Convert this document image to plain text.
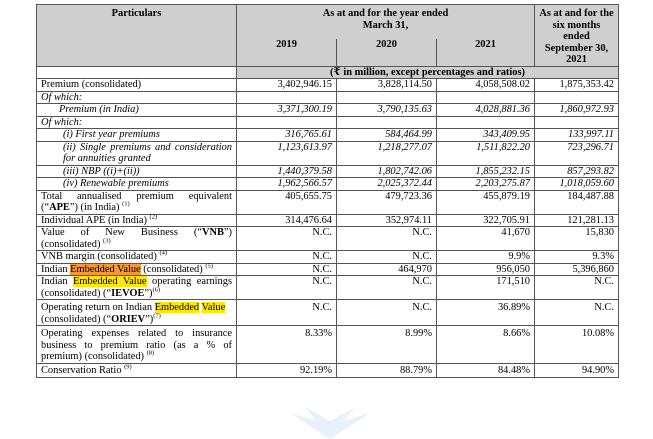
Particulars	As at and for the year ended March 31,			As at and for the six months ended September 30, 2021
	2019	2020	2021	
	(₹ in million, except percentages and ratios)			
Premium (consolidated)	3,402,946.15	3,828,114.50	4,058,508.02	1,875,353.42
Of which:				
Premium (in India)	3,371,300.19	3,790,135.63	4,028,881.36	1,860,972.93
Of which:				
(i) First year premiums	316,765.61	584,464.99	343,409.95	133,997.11
(ii) Single premiums and consideration for annuities granted	1,123,613.97	1,218,277.07	1,511,822.20	723,296.71
(iii) NBP ((i)+(ii))	1,440,379.58	1,802,742.06	1,855,232.15	857,293.82
(iv) Renewable premiums	1,962,566.57	2,025,372.44	2,203,275.87	1,018,059.60
Total annualised premium equivalent (“APE”) (in India) $^{(1)}$	405,655.75	479,723.36	455,879.19	184,487.88
Individual APE (in India) $^{(2)}$	314,476.64	352,974.11	322,705.91	121,281.13
Value of New Business (“VNB”) (consolidated) $^{(3)}$	N.C.	N.C.	41,670	15,830
VNB margin (consolidated) $^{(4)}$	N.C.	N.C.	9.9%	9.3%
Indian Embedded Value (consolidated) $^{(5)}$	N.C.	464,970	956,050	5,396,860
Indian Embedded Value operating earnings (consolidated) (“IEVOE”)$^{(6)}$	N.C.	N.C.	171,510	N.C.
Operating return on Indian Embedded Value (consolidated) (“ORIEV”)$^{(7)}$	N.C.	N.C.	36.89%	N.C.
Operating expenses related to insurance business to premium ratio (as a % of premium) (consolidated) $^{(8)}$	8.33%	8.99%	8.66%	10.08%
Conservation Ratio $^{(9)}$	92.19%	88.79%	84.48%	94.90%
